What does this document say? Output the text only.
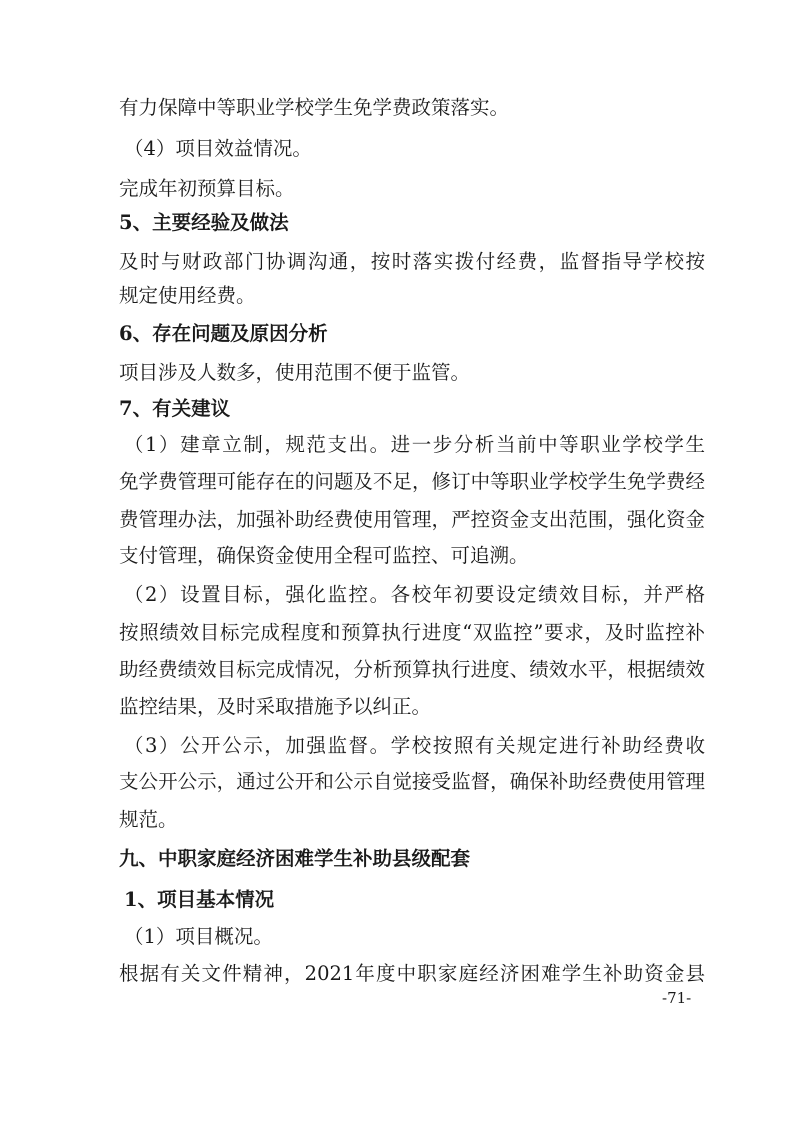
有力保障中等职业学校学生免学费政策落实。

（4）项目效益情况。

完成年初预算目标。

5、主要经验及做法

及时与财政部门协调沟通，按时落实拨付经费，监督指导学校按

规定使用经费。

6、存在问题及原因分析

项目涉及人数多，使用范围不便于监管。

7、有关建议

（1）建章立制，规范支出。进一步分析当前中等职业学校学生

免学费管理可能存在的问题及不足，修订中等职业学校学生免学费经

费管理办法，加强补助经费使用管理，严控资金支出范围，强化资金

支付管理，确保资金使用全程可监控、可追溯。

（2）设置目标，强化监控。各校年初要设定绩效目标，并严格

按照绩效目标完成程度和预算执行进度“双监控”要求，及时监控补

助经费绩效目标完成情况，分析预算执行进度、绩效水平，根据绩效

监控结果，及时采取措施予以纠正。

（3）公开公示，加强监督。学校按照有关规定进行补助经费收

支公开公示，通过公开和公示自觉接受监督，确保补助经费使用管理

规范。

九、中职家庭经济困难学生补助县级配套

1、项目基本情况

（1）项目概况。

根据有关文件精神，2021年度中职家庭经济困难学生补助资金县

-71-
